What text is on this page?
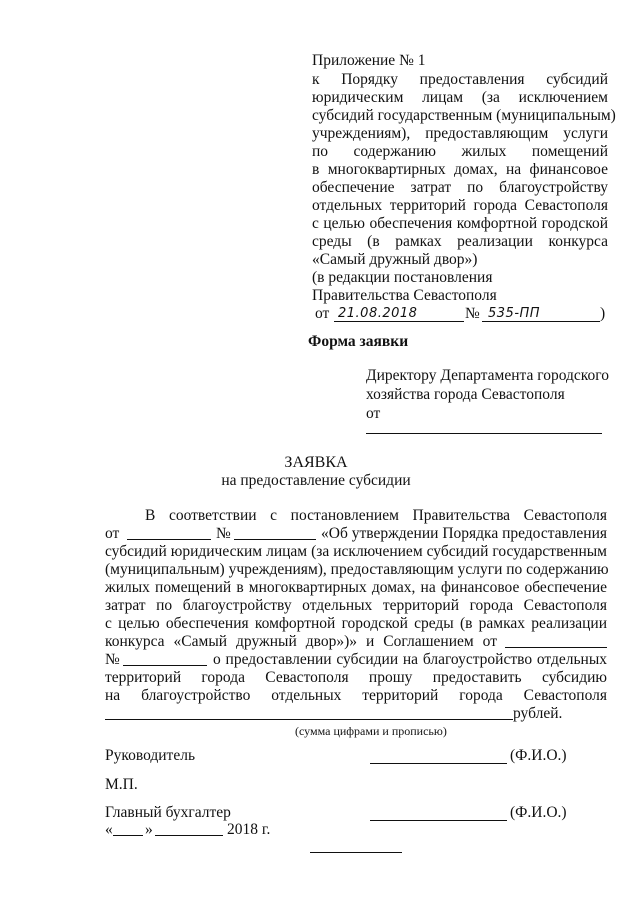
Приложение № 1
к Порядку предоставления субсидий
юридическим лицам (за исключением
субсидий государственным (муниципальным)
учреждениям), предоставляющим услуги
по содержанию жилых помещений
в многоквартирных домах, на финансовое
обеспечение затрат по благоустройству
отдельных территорий города Севастополя
с целью обеспечения комфортной городской
среды (в рамках реализации конкурса
«Самый дружный двор»)
(в редакции постановления
Правительства Севастополя
от 21.08.2018	№ 535-ПП	)
Форма заявки
Директору Департамента городского
хозяйства города Севастополя
от
ЗАЯВКА
на предоставление субсидии
В соответствии с постановлением Правительства Севастополя
от	№	«Об утверждении Порядка предоставления
субсидий юридическим лицам (за исключением субсидий государственным
(муниципальным) учреждениям), предоставляющим услуги по содержанию
жилых помещений в многоквартирных домах, на финансовое обеспечение
затрат по благоустройству отдельных территорий города Севастополя
с целью обеспечения комфортной городской среды (в рамках реализации
конкурса «Самый дружный двор»)» и Соглашением от
№	о предоставлении субсидии на благоустройство отдельных
территорий города Севастополя прошу предоставить субсидию
на благоустройство отдельных территорий города Севастополя
рублей.
(сумма цифрами и прописью)
Руководитель	(Ф.И.О.)
М.П.
Главный бухгалтер	(Ф.И.О.)
« »	2018 г.
